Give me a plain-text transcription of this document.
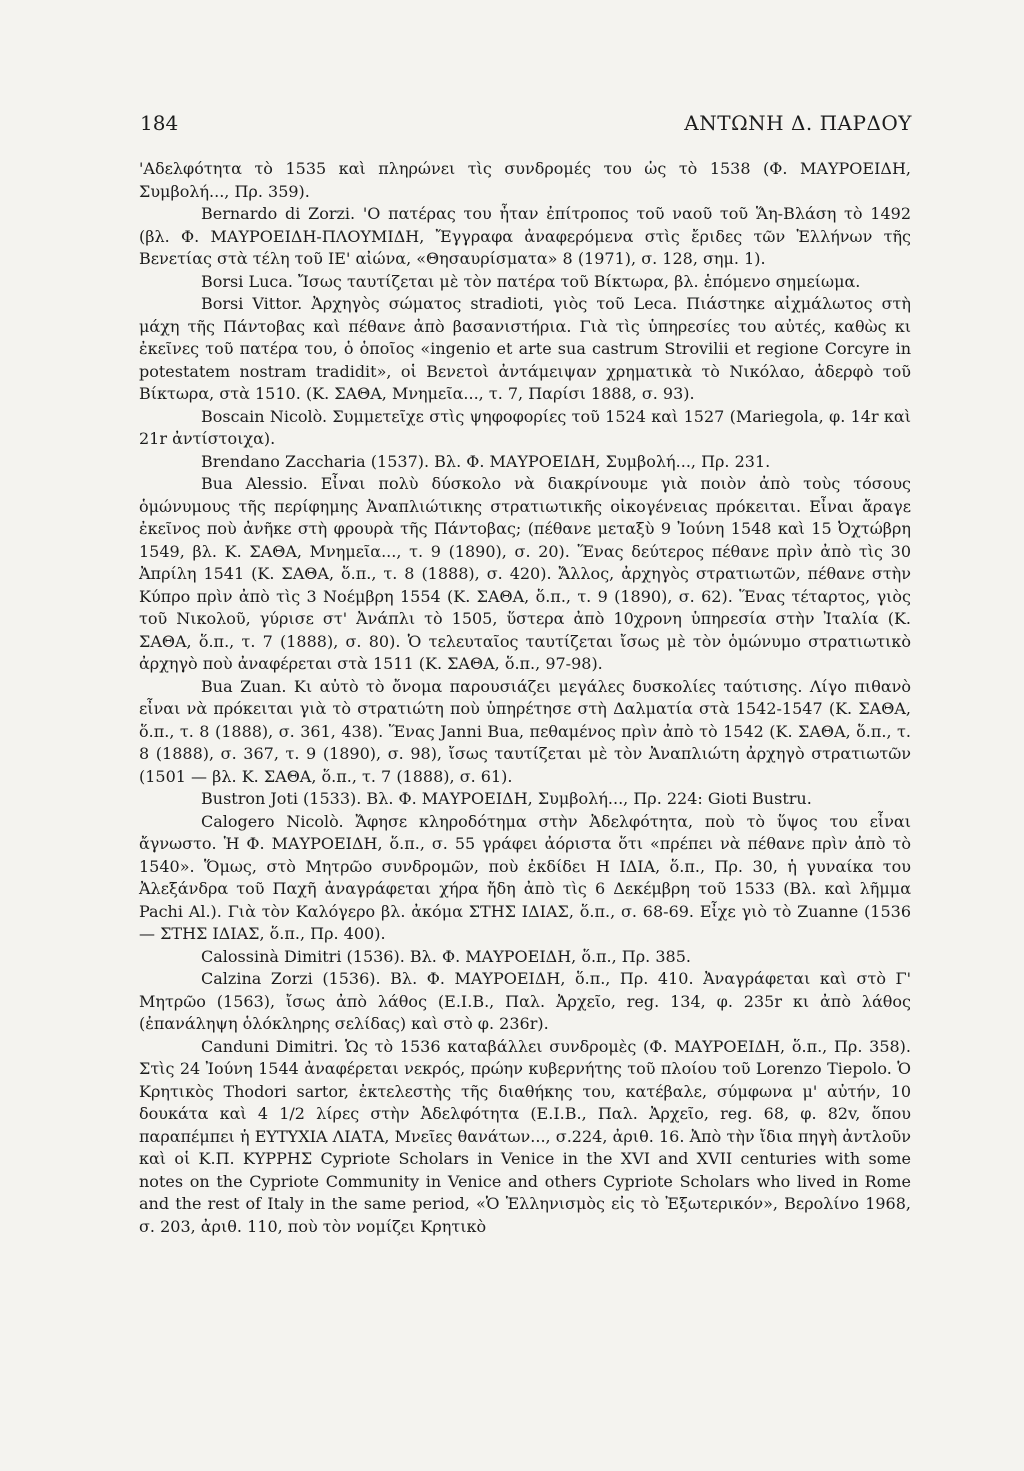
184	ΑΝΤΩΝΗ Δ. ΠΑΡΔΟΥ

'Αδελφότητα τὸ 1535 καὶ πληρώνει τὶς συνδρομές του ὡς τὸ 1538 (Φ. ΜΑΥΡΟΕΙΔΗ, Συμβολή..., Πρ. 359).

Bernardo di Zorzi. 'Ο πατέρας του ἦταν ἐπίτροπος τοῦ ναοῦ τοῦ Ἅη-Βλάση τὸ 1492 (βλ. Φ. ΜΑΥΡΟΕΙΔΗ-ΠΛΟΥΜΙΔΗ, Ἔγγραφα ἀναφερόμενα στὶς ἔριδες τῶν Ἑλλήνων τῆς Βενετίας στὰ τέλη τοῦ ΙΕ' αἰώνα, «Θησαυρίσματα» 8 (1971), σ. 128, σημ. 1).

Borsi Luca. Ἴσως ταυτίζεται μὲ τὸν πατέρα τοῦ Βίκτωρα, βλ. ἑπόμενο σημείωμα.

Borsi Vittor. Ἀρχηγὸς σώματος stradioti, γιὸς τοῦ Leca. Πιάστηκε αἰχμάλωτος στὴ μάχη τῆς Πάντοβας καὶ πέθανε ἀπὸ βασανιστήρια. Γιὰ τὶς ὑπηρεσίες του αὐτές, καθὼς κι ἐκεῖνες τοῦ πατέρα του, ὁ ὁποῖος «ingenio et arte sua castrum Strovilii et regione Corcyre in potestatem nostram tradidit», οἱ Βενετοὶ ἀντάμειψαν χρηματικὰ τὸ Νικόλαο, ἀδερφὸ τοῦ Βίκτωρα, στὰ 1510. (Κ. ΣΑΘΑ, Μνημεῖα..., τ. 7, Παρίσι 1888, σ. 93).

Boscain Nicolò. Συμμετεῖχε στὶς ψηφοφορίες τοῦ 1524 καὶ 1527 (Mariegola, φ. 14r καὶ 21r ἀντίστοιχα).

Brendano Zaccharia (1537). Βλ. Φ. ΜΑΥΡΟΕΙΔΗ, Συμβολή..., Πρ. 231.

Bua Alessio. Εἶναι πολὺ δύσκολο νὰ διακρίνουμε γιὰ ποιὸν ἀπὸ τοὺς τόσους ὁμώνυμους τῆς περίφημης Ἀναπλιώτικης στρατιωτικῆς οἰκογένειας πρόκειται. Εἶναι ἄραγε ἐκεῖνος ποὺ ἀνῆκε στὴ φρουρὰ τῆς Πάντοβας; (πέθανε μεταξὺ 9 Ἰούνη 1548 καὶ 15 Ὀχτώβρη 1549, βλ. Κ. ΣΑΘΑ, Μνημεῖα..., τ. 9 (1890), σ. 20). Ἕνας δεύτερος πέθανε πρὶν ἀπὸ τὶς 30 Ἀπρίλη 1541 (Κ. ΣΑΘΑ, ὅ.π., τ. 8 (1888), σ. 420). Ἄλλος, ἀρχηγὸς στρατιωτῶν, πέθανε στὴν Κύπρο πρὶν ἀπὸ τὶς 3 Νοέμβρη 1554 (Κ. ΣΑΘΑ, ὅ.π., τ. 9 (1890), σ. 62). Ἕνας τέταρτος, γιὸς τοῦ Νικολοῦ, γύρισε στ' Ἀνάπλι τὸ 1505, ὕστερα ἀπὸ 10χρονη ὑπηρεσία στὴν Ἰταλία (Κ. ΣΑΘΑ, ὅ.π., τ. 7 (1888), σ. 80). Ὁ τελευταῖος ταυτίζεται ἴσως μὲ τὸν ὁμώνυμο στρατιωτικὸ ἀρχηγὸ ποὺ ἀναφέρεται στὰ 1511 (Κ. ΣΑΘΑ, ὅ.π., 97-98).

Bua Zuan. Κι αὐτὸ τὸ ὄνομα παρουσιάζει μεγάλες δυσκολίες ταύτισης. Λίγο πιθανὸ εἶναι νὰ πρόκειται γιὰ τὸ στρατιώτη ποὺ ὑπηρέτησε στὴ Δαλματία στὰ 1542-1547 (Κ. ΣΑΘΑ, ὅ.π., τ. 8 (1888), σ. 361, 438). Ἕνας Janni Bua, πεθαμένος πρὶν ἀπὸ τὸ 1542 (Κ. ΣΑΘΑ, ὅ.π., τ. 8 (1888), σ. 367, τ. 9 (1890), σ. 98), ἴσως ταυτίζεται μὲ τὸν Ἀναπλιώτη ἀρχηγὸ στρατιωτῶν (1501 — βλ. Κ. ΣΑΘΑ, ὅ.π., τ. 7 (1888), σ. 61).

Bustron Joti (1533). Βλ. Φ. ΜΑΥΡΟΕΙΔΗ, Συμβολή..., Πρ. 224: Gioti Bustru.

Calogero Nicolò. Ἄφησε κληροδότημα στὴν Ἀδελφότητα, ποὺ τὸ ὕψος του εἶναι ἄγνωστο. Ἡ Φ. ΜΑΥΡΟΕΙΔΗ, ὅ.π., σ. 55 γράφει ἀόριστα ὅτι «πρέπει νὰ πέθανε πρὶν ἀπὸ τὸ 1540». Ὅμως, στὸ Μητρῶο συνδρομῶν, ποὺ ἐκδίδει Η ΙΔΙΑ, ὅ.π., Πρ. 30, ἡ γυναίκα του Ἀλεξάνδρα τοῦ Παχῆ ἀναγράφεται χήρα ἤδη ἀπὸ τὶς 6 Δεκέμβρη τοῦ 1533 (Βλ. καὶ λῆμμα Pachi Al.). Γιὰ τὸν Καλόγερο βλ. ἀκόμα ΣΤΗΣ ΙΔΙΑΣ, ὅ.π., σ. 68-69. Εἶχε γιὸ τὸ Zuanne (1536 — ΣΤΗΣ ΙΔΙΑΣ, ὅ.π., Πρ. 400).

Calossinà Dimitri (1536). Βλ. Φ. ΜΑΥΡΟΕΙΔΗ, ὅ.π., Πρ. 385.

Calzina Zorzi (1536). Βλ. Φ. ΜΑΥΡΟΕΙΔΗ, ὅ.π., Πρ. 410. Ἀναγράφεται καὶ στὸ Γ' Μητρῶο (1563), ἴσως ἀπὸ λάθος (E.I.B., Παλ. Ἀρχεῖο, reg. 134, φ. 235r κι ἀπὸ λάθος (ἐπανάληψη ὁλόκληρης σελίδας) καὶ στὸ φ. 236r).

Canduni Dimitri. Ὡς τὸ 1536 καταβάλλει συνδρομὲς (Φ. ΜΑΥΡΟΕΙΔΗ, ὅ.π., Πρ. 358). Στὶς 24 Ἰούνη 1544 ἀναφέρεται νεκρός, πρώην κυβερνήτης τοῦ πλοίου τοῦ Lorenzo Tiepolo. Ὁ Κρητικὸς Thodori sartor, ἐκτελεστὴς τῆς διαθήκης του, κατέβαλε, σύμφωνα μ' αὐτήν, 10 δουκάτα καὶ 4 1/2 λίρες στὴν Ἀδελφότητα (E.I.B., Παλ. Ἀρχεῖο, reg. 68, φ. 82v, ὅπου παραπέμπει ἡ ΕΥΤΥΧΙΑ ΛΙΑΤΑ, Μνεῖες θανάτων..., σ.224, ἀριθ. 16. Ἀπὸ τὴν ἴδια πηγὴ ἀντλοῦν καὶ οἱ Κ.Π. ΚΥΡΡΗΣ Cypriote Scholars in Venice in the XVI and XVII centuries with some notes on the Cypriote Community in Venice and others Cypriote Scholars who lived in Rome and the rest of Italy in the same period, «Ὁ Ἑλληνισμὸς εἰς τὸ Ἐξωτερικόν», Βερολίνο 1968, σ. 203, ἀριθ. 110, ποὺ τὸν νομίζει Κρητικὸ
